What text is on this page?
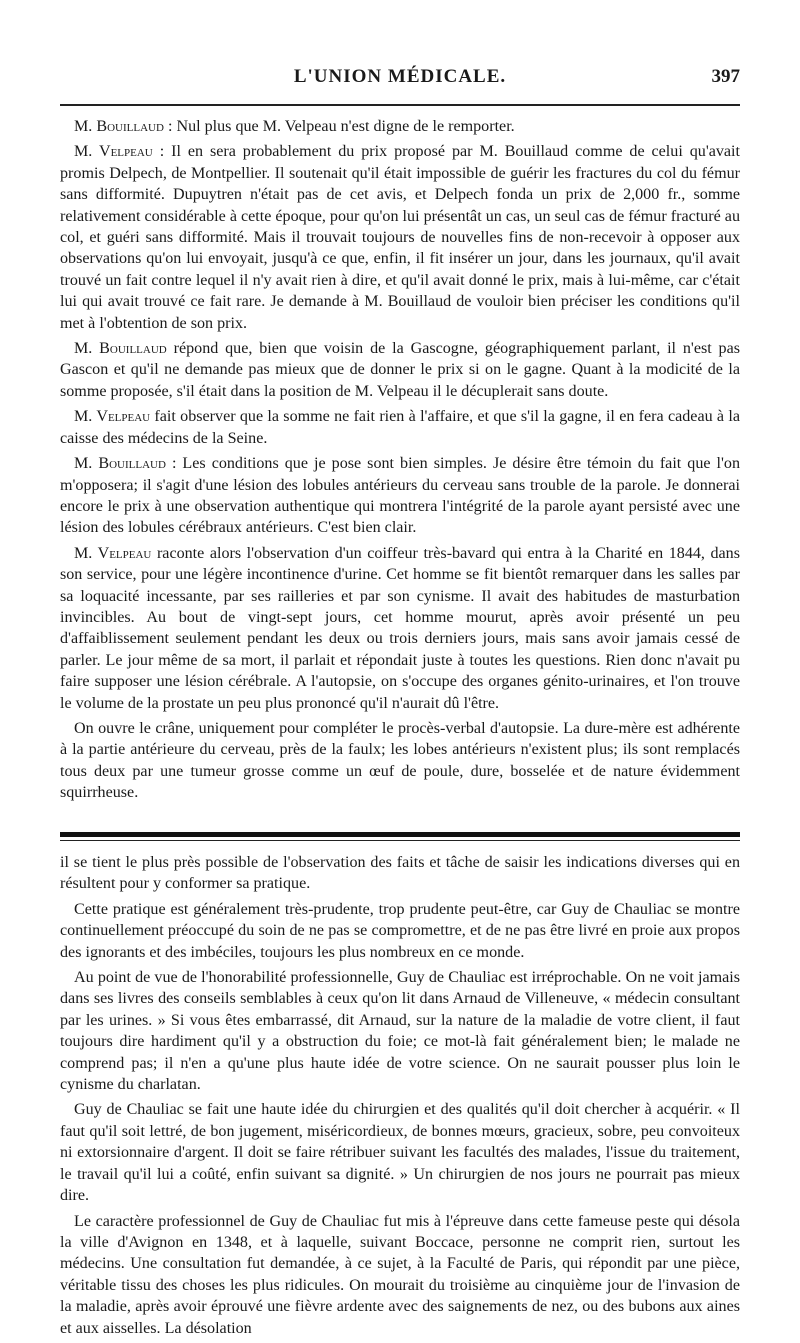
L'UNION MÉDICALE.	397

M. Bouillaud : Nul plus que M. Velpeau n'est digne de le remporter.

M. Velpeau : Il en sera probablement du prix proposé par M. Bouillaud comme de celui qu'avait promis Delpech, de Montpellier. Il soutenait qu'il était impossible de guérir les fractures du col du fémur sans difformité. Dupuytren n'était pas de cet avis, et Delpech fonda un prix de 2,000 fr., somme relativement considérable à cette époque, pour qu'on lui présentât un cas, un seul cas de fémur fracturé au col, et guéri sans difformité. Mais il trouvait toujours de nouvelles fins de non-recevoir à opposer aux observations qu'on lui envoyait, jusqu'à ce que, enfin, il fit insérer un jour, dans les journaux, qu'il avait trouvé un fait contre lequel il n'y avait rien à dire, et qu'il avait donné le prix, mais à lui-même, car c'était lui qui avait trouvé ce fait rare. Je demande à M. Bouillaud de vouloir bien préciser les conditions qu'il met à l'obtention de son prix.

M. Bouillaud répond que, bien que voisin de la Gascogne, géographiquement parlant, il n'est pas Gascon et qu'il ne demande pas mieux que de donner le prix si on le gagne. Quant à la modicité de la somme proposée, s'il était dans la position de M. Velpeau il le décuplerait sans doute.

M. Velpeau fait observer que la somme ne fait rien à l'affaire, et que s'il la gagne, il en fera cadeau à la caisse des médecins de la Seine.

M. Bouillaud : Les conditions que je pose sont bien simples. Je désire être témoin du fait que l'on m'opposera; il s'agit d'une lésion des lobules antérieurs du cerveau sans trouble de la parole. Je donnerai encore le prix à une observation authentique qui montrera l'intégrité de la parole ayant persisté avec une lésion des lobules cérébraux antérieurs. C'est bien clair.

M. Velpeau raconte alors l'observation d'un coiffeur très-bavard qui entra à la Charité en 1844, dans son service, pour une légère incontinence d'urine. Cet homme se fit bientôt remarquer dans les salles par sa loquacité incessante, par ses railleries et par son cynisme. Il avait des habitudes de masturbation invincibles. Au bout de vingt-sept jours, cet homme mourut, après avoir présenté un peu d'affaiblissement seulement pendant les deux ou trois derniers jours, mais sans avoir jamais cessé de parler. Le jour même de sa mort, il parlait et répondait juste à toutes les questions. Rien donc n'avait pu faire supposer une lésion cérébrale. A l'autopsie, on s'occupe des organes génito-urinaires, et l'on trouve le volume de la prostate un peu plus prononcé qu'il n'aurait dû l'être.

On ouvre le crâne, uniquement pour compléter le procès-verbal d'autopsie. La dure-mère est adhérente à la partie antérieure du cerveau, près de la faulx; les lobes antérieurs n'existent plus; ils sont remplacés tous deux par une tumeur grosse comme un œuf de poule, dure, bosselée et de nature évidemment squirrheuse.

il se tient le plus près possible de l'observation des faits et tâche de saisir les indications diverses qui en résultent pour y conformer sa pratique.

Cette pratique est généralement très-prudente, trop prudente peut-être, car Guy de Chauliac se montre continuellement préoccupé du soin de ne pas se compromettre, et de ne pas être livré en proie aux propos des ignorants et des imbéciles, toujours les plus nombreux en ce monde.

Au point de vue de l'honorabilité professionnelle, Guy de Chauliac est irréprochable. On ne voit jamais dans ses livres des conseils semblables à ceux qu'on lit dans Arnaud de Villeneuve, « médecin consultant par les urines. » Si vous êtes embarrassé, dit Arnaud, sur la nature de la maladie de votre client, il faut toujours dire hardiment qu'il y a obstruction du foie; ce mot-là fait généralement bien; le malade ne comprend pas; il n'en a qu'une plus haute idée de votre science. On ne saurait pousser plus loin le cynisme du charlatan.

Guy de Chauliac se fait une haute idée du chirurgien et des qualités qu'il doit chercher à acquérir. « Il faut qu'il soit lettré, de bon jugement, miséricordieux, de bonnes mœurs, gracieux, sobre, peu convoiteux ni extorsionnaire d'argent. Il doit se faire rétribuer suivant les facultés des malades, l'issue du traitement, le travail qu'il lui a coûté, enfin suivant sa dignité. » Un chirurgien de nos jours ne pourrait pas mieux dire.

Le caractère professionnel de Guy de Chauliac fut mis à l'épreuve dans cette fameuse peste qui désola la ville d'Avignon en 1348, et à laquelle, suivant Boccace, personne ne comprit rien, surtout les médecins. Une consultation fut demandée, à ce sujet, à la Faculté de Paris, qui répondit par une pièce, véritable tissu des choses les plus ridicules. On mourait du troisième au cinquième jour de l'invasion de la maladie, après avoir éprouvé une fièvre ardente avec des saignements de nez, ou des bubons aux aines et aux aisselles. La désolation
